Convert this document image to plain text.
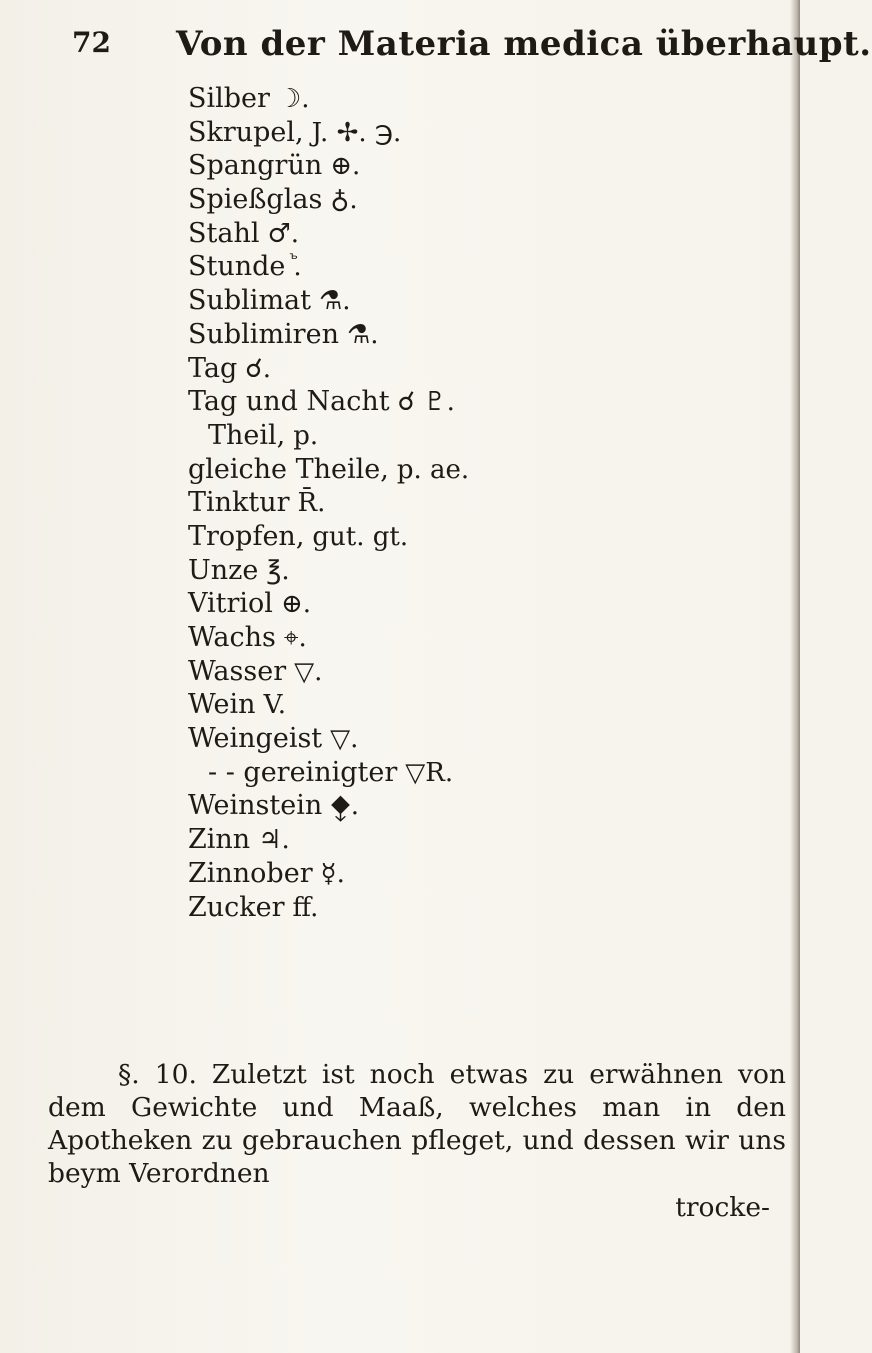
72 Von der Materia medica überhaupt.
Silber ☽.
Skrupel, J. ✢. ℈.
Spangrün ⊕.
Spießglas ♁.
Stahl ♂.
Stunde ꙸ.
Sublimat ⚗.
Sublimiren ⚗.
Tag ☌.
Tag und Nacht ☌ ♇.
Theil, p.
gleiche Theile, p. ae.
Tinktur R̄.
Tropfen, gut. gt.
Unze ℥.
Vitriol ⊕.
Wachs ⌖.
Wasser ▽.
Wein V.
Weingeist ▽.
- - gereinigter ▽R.
Weinstein ⧪.
Zinn ♃.
Zinnober ☿.
Zucker ff.

§. 10. Zuletzt ist noch etwas zu erwähnen von dem Gewichte und Maaß, welches man in den Apotheken zu gebrauchen pfleget, und dessen wir uns beym Verordnen

trocke-
